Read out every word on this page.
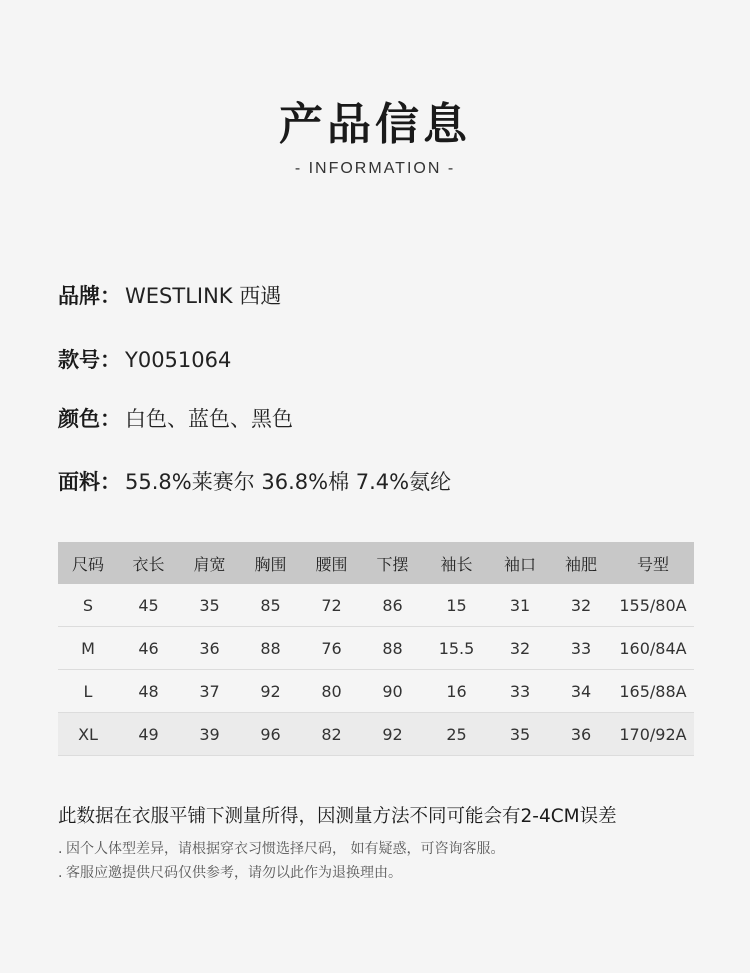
产品信息
- INFORMATION -
品牌： WESTLINK 西遇
款号： Y0051064
颜色： 白色、蓝色、黑色
面料： 55.8%莱赛尔 36.8%棉 7.4%氨纶
尺码	衣长	肩宽	胸围	腰围	下摆	袖长	袖口	袖肥	号型
S	45	35	85	72	86	15	31	32	155/80A
M	46	36	88	76	88	15.5	32	33	160/84A
L	48	37	92	80	90	16	33	34	165/88A
XL	49	39	96	82	92	25	35	36	170/92A
此数据在衣服平铺下测量所得，因测量方法不同可能会有2-4CM误差
. 因个人体型差异，请根据穿衣习惯选择尺码， 如有疑惑，可咨询客服。
. 客服应邀提供尺码仅供参考，请勿以此作为退换理由。
